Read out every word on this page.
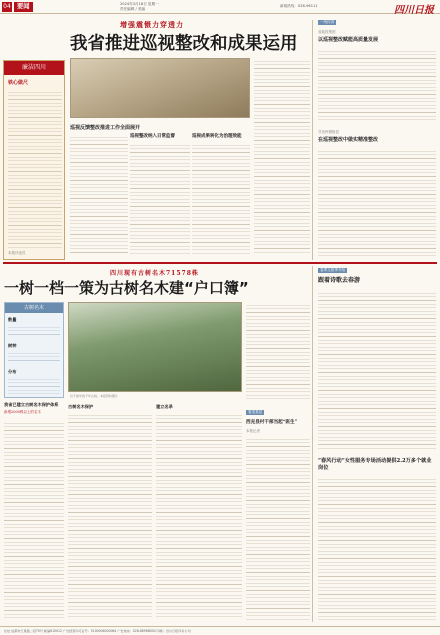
04 要闻	2024年3月18日 星期一
责任编辑 / 美编
新闻热线：028-96111	四川日报
廉洁四川
铁心做尺
本报评论员
增强震慑力穿透力
我省推进巡视整改和成果运用
巡视反馈整改推进工作全面展开
巡视整改纳入日常监督	巡视成果转化为治理效能
一线传真
省能投集团
以巡视整改赋能高质量发展
甘孜州德格县
在巡视整改中做实精准整改
四川现有古树名木71578株
一树一档一策为古树名木建“户口簿”
古树名木
数量
树种
分布
位于阆中的千年古柏。本报资料图片
我省已建立古树名木保护体系
新增2000株以上的名木
古树名木保护	建立名录
看见基层
西充县村干部当起“医生”
本报记者
春季文旅季介绍
跟着诗歌去春游
“春风行动”女性服务专场活动提供2.2万多个就业岗位
社址 成都市红星路二段70号 邮编610012 广告经营许可证号：5100004000064 广告热线：028-86968000 印刷：四川日报印务公司
